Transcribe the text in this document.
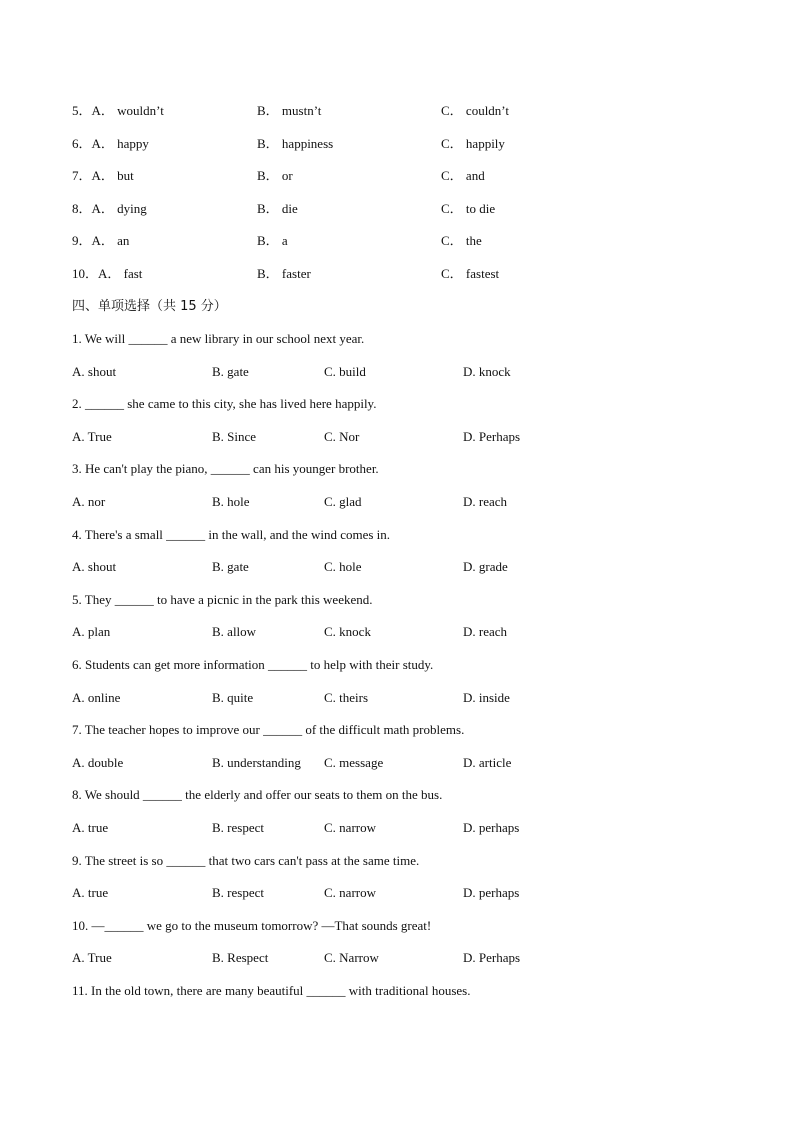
5．A． wouldn’t	B． mustn’t	C． couldn’t
6．A． happy	B． happiness	C． happily
7．A． but	B． or	C． and
8．A． dying	B． die	C． to die
9．A． an	B． a	C． the
10．A． fast	B． faster	C． fastest
四、单项选择（共 15 分）
1. We will ______ a new library in our school next year.
A. shout	B. gate	C. build	D. knock
2. ______ she came to this city, she has lived here happily.
A. True	B. Since	C. Nor	D. Perhaps
3. He can't play the piano, ______ can his younger brother.
A. nor	B. hole	C. glad	D. reach
4. There's a small ______ in the wall, and the wind comes in.
A. shout	B. gate	C. hole	D. grade
5. They ______ to have a picnic in the park this weekend.
A. plan	B. allow	C. knock	D. reach
6. Students can get more information ______ to help with their study.
A. online	B. quite	C. theirs	D. inside
7. The teacher hopes to improve our ______ of the difficult math problems.
A. double	B. understanding C. message	D. article
8. We should ______ the elderly and offer our seats to them on the bus.
A. true	B. respect	C. narrow	D. perhaps
9. The street is so ______ that two cars can't pass at the same time.
A. true	B. respect	C. narrow	D. perhaps
10. —______ we go to the museum tomorrow? —That sounds great!
A. True	B. Respect	C. Narrow	D. Perhaps
11. In the old town, there are many beautiful ______ with traditional houses.
